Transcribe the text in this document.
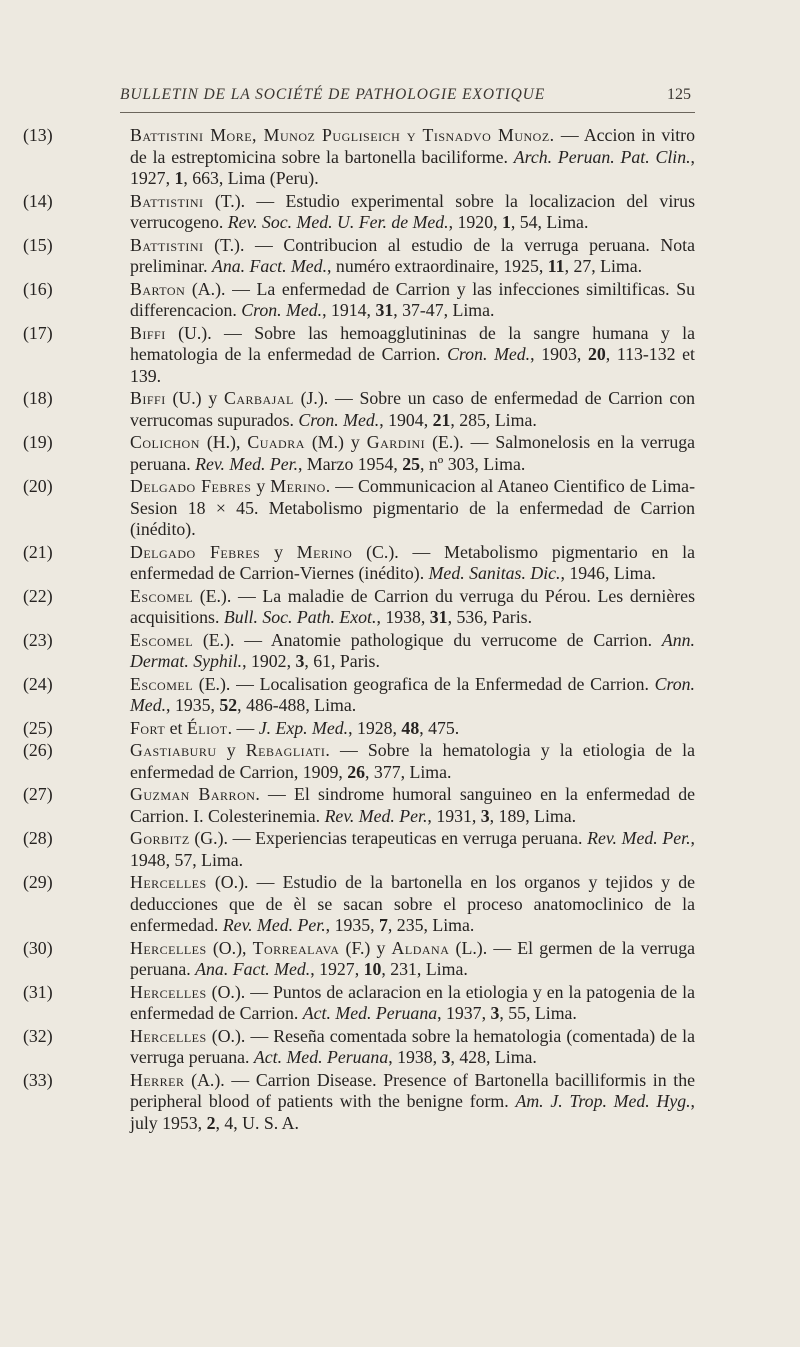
BULLETIN DE LA SOCIÉTÉ DE PATHOLOGIE EXOTIQUE	125

(13)	Battistini More, Munoz Pugliseich y Tisnadvo Munoz. — Accion in vitro de la estreptomicina sobre la bartonella baciliforme. Arch. Peruan. Pat. Clin., 1927, 1, 663, Lima (Peru).

(14)	Battistini (T.). — Estudio experimental sobre la localizacion del virus verrucogeno. Rev. Soc. Med. U. Fer. de Med., 1920, 1, 54, Lima.

(15)	Battistini (T.). — Contribucion al estudio de la verruga peruana. Nota preliminar. Ana. Fact. Med., numéro extraordinaire, 1925, 11, 27, Lima.

(16)	Barton (A.). — La enfermedad de Carrion y las infecciones similtificas. Su differencacion. Cron. Med., 1914, 31, 37-47, Lima.

(17)	Biffi (U.). — Sobre las hemoagglutininas de la sangre humana y la hematologia de la enfermedad de Carrion. Cron. Med., 1903, 20, 113-132 et 139.

(18)	Biffi (U.) y Carbajal (J.). — Sobre un caso de enfermedad de Carrion con verrucomas supurados. Cron. Med., 1904, 21, 285, Lima.

(19)	Colichon (H.), Cuadra (M.) y Gardini (E.). — Salmonelosis en la verruga peruana. Rev. Med. Per., Marzo 1954, 25, nº 303, Lima.

(20)	Delgado Febres y Merino. — Communicacion al Ataneo Cientifico de Lima-Sesion 18 × 45. Metabolismo pigmentario de la enfermedad de Carrion (inédito).

(21)	Delgado Febres y Merino (C.). — Metabolismo pigmentario en la enfermedad de Carrion-Viernes (inédito). Med. Sanitas. Dic., 1946, Lima.

(22)	Escomel (E.). — La maladie de Carrion du verruga du Pérou. Les dernières acquisitions. Bull. Soc. Path. Exot., 1938, 31, 536, Paris.

(23)	Escomel (E.). — Anatomie pathologique du verrucome de Carrion. Ann. Dermat. Syphil., 1902, 3, 61, Paris.

(24)	Escomel (E.). — Localisation geografica de la Enfermedad de Carrion. Cron. Med., 1935, 52, 486-488, Lima.

(25)	Fort et Éliot. — J. Exp. Med., 1928, 48, 475.

(26)	Gastiaburu y Rebagliati. — Sobre la hematologia y la etiologia de la enfermedad de Carrion, 1909, 26, 377, Lima.

(27)	Guzman Barron. — El sindrome humoral sanguineo en la enfermedad de Carrion. I. Colesterinemia. Rev. Med. Per., 1931, 3, 189, Lima.

(28)	Gorbitz (G.). — Experiencias terapeuticas en verruga peruana. Rev. Med. Per., 1948, 57, Lima.

(29)	Hercelles (O.). — Estudio de la bartonella en los organos y tejidos y de deducciones que de èl se sacan sobre el proceso anatomoclinico de la enfermedad. Rev. Med. Per., 1935, 7, 235, Lima.

(30)	Hercelles (O.), Torrealava (F.) y Aldana (L.). — El germen de la verruga peruana. Ana. Fact. Med., 1927, 10, 231, Lima.

(31)	Hercelles (O.). — Puntos de aclaracion en la etiologia y en la patogenia de la enfermedad de Carrion. Act. Med. Peruana, 1937, 3, 55, Lima.

(32)	Hercelles (O.). — Reseña comentada sobre la hematologia (comentada) de la verruga peruana. Act. Med. Peruana, 1938, 3, 428, Lima.

(33)	Herrer (A.). — Carrion Disease. Presence of Bartonella bacilliformis in the peripheral blood of patients with the benigne form. Am. J. Trop. Med. Hyg., july 1953, 2, 4, U. S. A.
